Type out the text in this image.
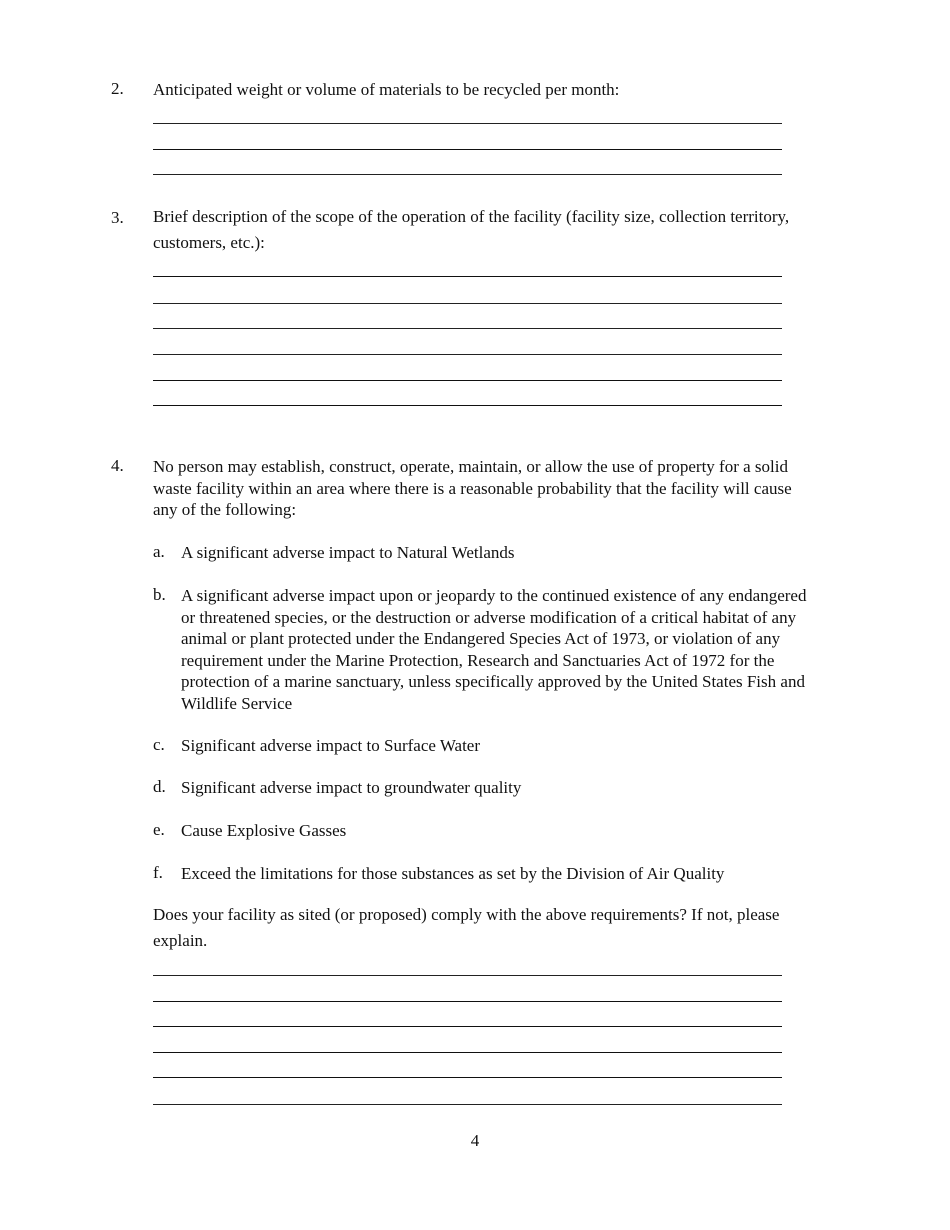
2. Anticipated weight or volume of materials to be recycled per month:
3. Brief description of the scope of the operation of the facility (facility size, collection territory, customers, etc.):
4. No person may establish, construct, operate, maintain, or allow the use of property for a solid waste facility within an area where there is a reasonable probability that the facility will cause any of the following:
a. A significant adverse impact to Natural Wetlands
b. A significant adverse impact upon or jeopardy to the continued existence of any endangered or threatened species, or the destruction or adverse modification of a critical habitat of any animal or plant protected under the Endangered Species Act of 1973, or violation of any requirement under the Marine Protection, Research and Sanctuaries Act of 1972 for the protection of a marine sanctuary, unless specifically approved by the United States Fish and Wildlife Service
c. Significant adverse impact to Surface Water
d. Significant adverse impact to groundwater quality
e. Cause Explosive Gasses
f. Exceed the limitations for those substances as set by the Division of Air Quality
Does your facility as sited (or proposed) comply with the above requirements? If not, please explain.
4
